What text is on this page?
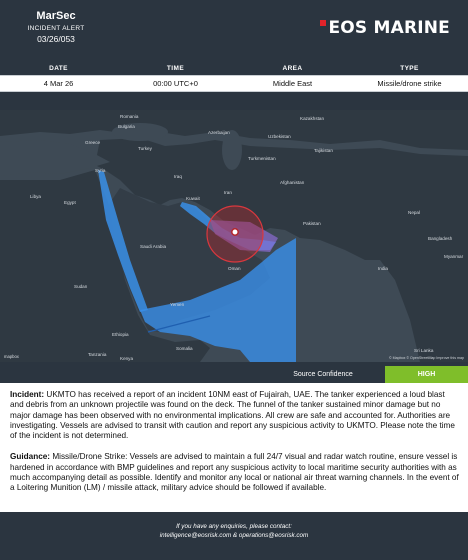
MarSec
INCIDENT ALERT
03/26/053
EOS MARINE
DATE	TIME	AREA	TYPE
4 Mar 26	00:00 UTC+0	Middle East	Missile/drone strike
Romania
Bulgaria
Greece
Turkey
Syria
Iraq
Iran
Afghanistan
Pakistan
Libya
Egypt
Saudi Arabia
Yemen
Oman
Sudan
Ethiopia
Somalia
India
Kenya
Tanzania
Kazakhstan
Uzbekistan
Turkmenistan
Tajikistan
Nepal
Bangladesh
Myanmar
Sri Lanka
Azerbaijan
Kuwait
mapbox	© Mapbox © OpenStreetMap Improve this map
Source Confidence	HIGH

Incident: UKMTO has received a report of an incident 10NM east of Fujairah, UAE. The tanker experienced a loud blast and debris from an unknown projectile was found on the deck. The funnel of the tanker sustained minor damage but no major damage has been observed with no environmental implications. All crew are safe and accounted for. Authorities are investigating. Vessels are advised to transit with caution and report any suspicious activity to UKMTO. Please note the time of the incident is not determined.

Guidance: Missile/Drone Strike: Vessels are advised to maintain a full 24/7 visual and radar watch routine, ensure vessel is hardened in accordance with BMP guidelines and report any suspicious activity to local maritime security authorities with as much accompanying detail as possible. Identify and monitor any local or national air threat warning channels. In the event of a Loitering Munition (LM) / missile attack, military advice should be followed if available.

If you have any enquiries, please contact:
intelligence@eosrisk.com & operations@eosrisk.com
